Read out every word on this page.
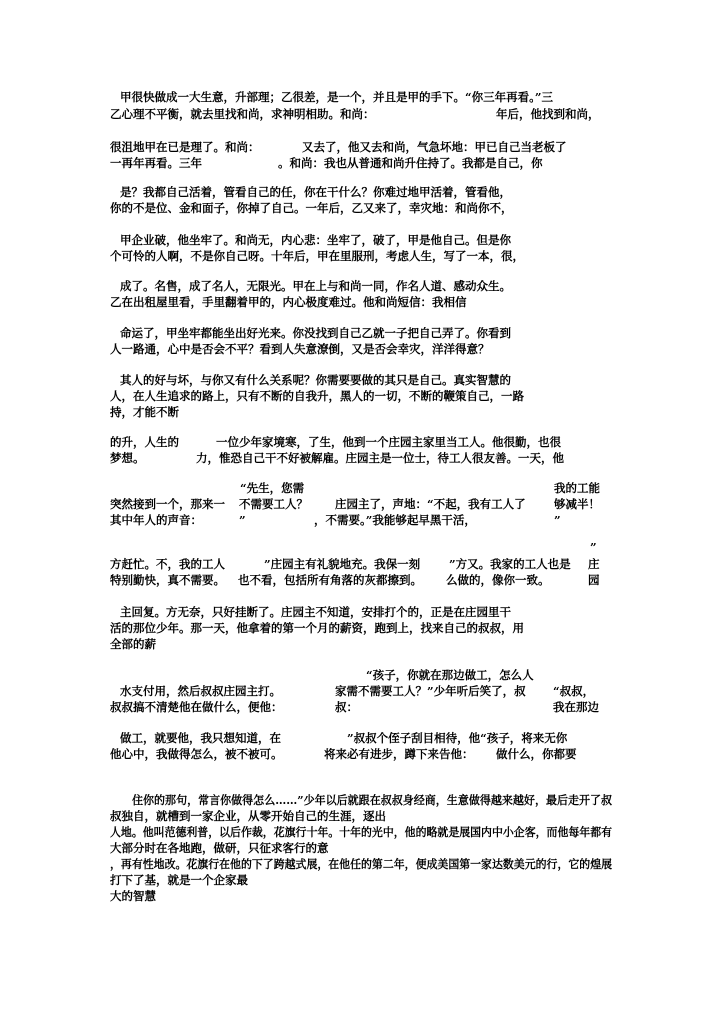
甲很快做成一大生意，升部理；乙很差，是一个，并且是甲的手下。“你三年再看。”三
乙心理不平衡，就去里找和尚，求神明相助。和尚：	年后，他找到和尚，
很沮地甲在已是理了。和尚：	又去了，他又去和尚，气急坏地：甲已自己当老板了
一再年再看。三年	。和尚：我也从普通和尚升住持了。我都是自己，你
是？我都自己活着，管看自己的任，你在干什么？你难过地甲活着，管看他，
你的不是位、金和面子，你掉了自己。一年后，乙又来了，幸灾地：和尚你不，
甲企业破，他坐牢了。和尚无，内心悲：坐牢了，破了，甲是他自己。但是你
个可怜的人啊，不是你自己呀。十年后，甲在里服刑，考虑人生，写了一本，很，
成了。名售，成了名人，无限光。甲在上与和尚一同，作名人道、感动众生。
乙在出租屋里看，手里翻着甲的，内心极度难过。他和尚短信：我相信
命运了，甲坐牢都能坐出好光来。你没找到自己乙就一子把自己弄了。你看到
人一路通，心中是否会不平？看到人失意潦倒，又是否会幸灾，洋洋得意？
其人的好与坏，与你又有什么关系呢？你需要要做的其只是自己。真实智慧的
人，在人生追求的路上，只有不断的自我升，黑人的一切，不断的鞭策自己，一路
持，才能不断
的升，人生的	一位少年家境寒，了生，他到一个庄园主家里当工人。他很勤，也很
梦想。	力，惟恐自己干不好被解雇。庄园主是一位士，待工人很友善。一天，他
“先生，您需	我的工能
突然接到一个，那来一 不需要工人？ 庄园主了，声地：“不起，我有工人了 够减半！
其中年人的声音：	”	，不需要。”我能够起早黑干活，	”
”
方赶忙。不，我的工人	”庄园主有礼貌地充。我保一刻	”方又。我家的工人也是 庄
特别勤快，真不需要。 也不看，包括所有角落的灰都擦到。 么做的，像你一致。	园
主回复。方无奈，只好挂断了。庄园主不知道，安排打个的，正是在庄园里干
活的那位少年。那一天，他拿着的第一个月的薪资，跑到上，找来自己的叔叔，用
全部的薪
“孩子，你就在那边做工，怎么人
水支付用，然后叔叔庄园主打。	家需不需要工人？”少年听后笑了，叔 “叔叔，
叔叔搞不清楚他在做什么，便他：	叔：	我在那边
做工，就要他，我只想知道，在	”叔叔个侄子刮目相待，他“孩子，将来无你
他心中，我做得怎么，被不被可。	将来必有进步，蹲下来告他： 做什么，你都要
住你的那句，常言你做得怎么……”少年以后就跟在叔叔身经商，生意做得越来越好，最后走开了叔
叔独自，就槽到一家企业，从零开始自己的生涯，逐出
人地。他叫范德利普，以后作裁，花旗行十年。十年的光中，他的略就是展国内中小企客，而他每年都有
大部分时在各地跑，做研，只征求客行的意
，再有性地改。花旗行在他的下了跨越式展，在他任的第二年，便成美国第一家达数美元的行，它的煌展
打下了基，就是一个企家最
大的智慧
